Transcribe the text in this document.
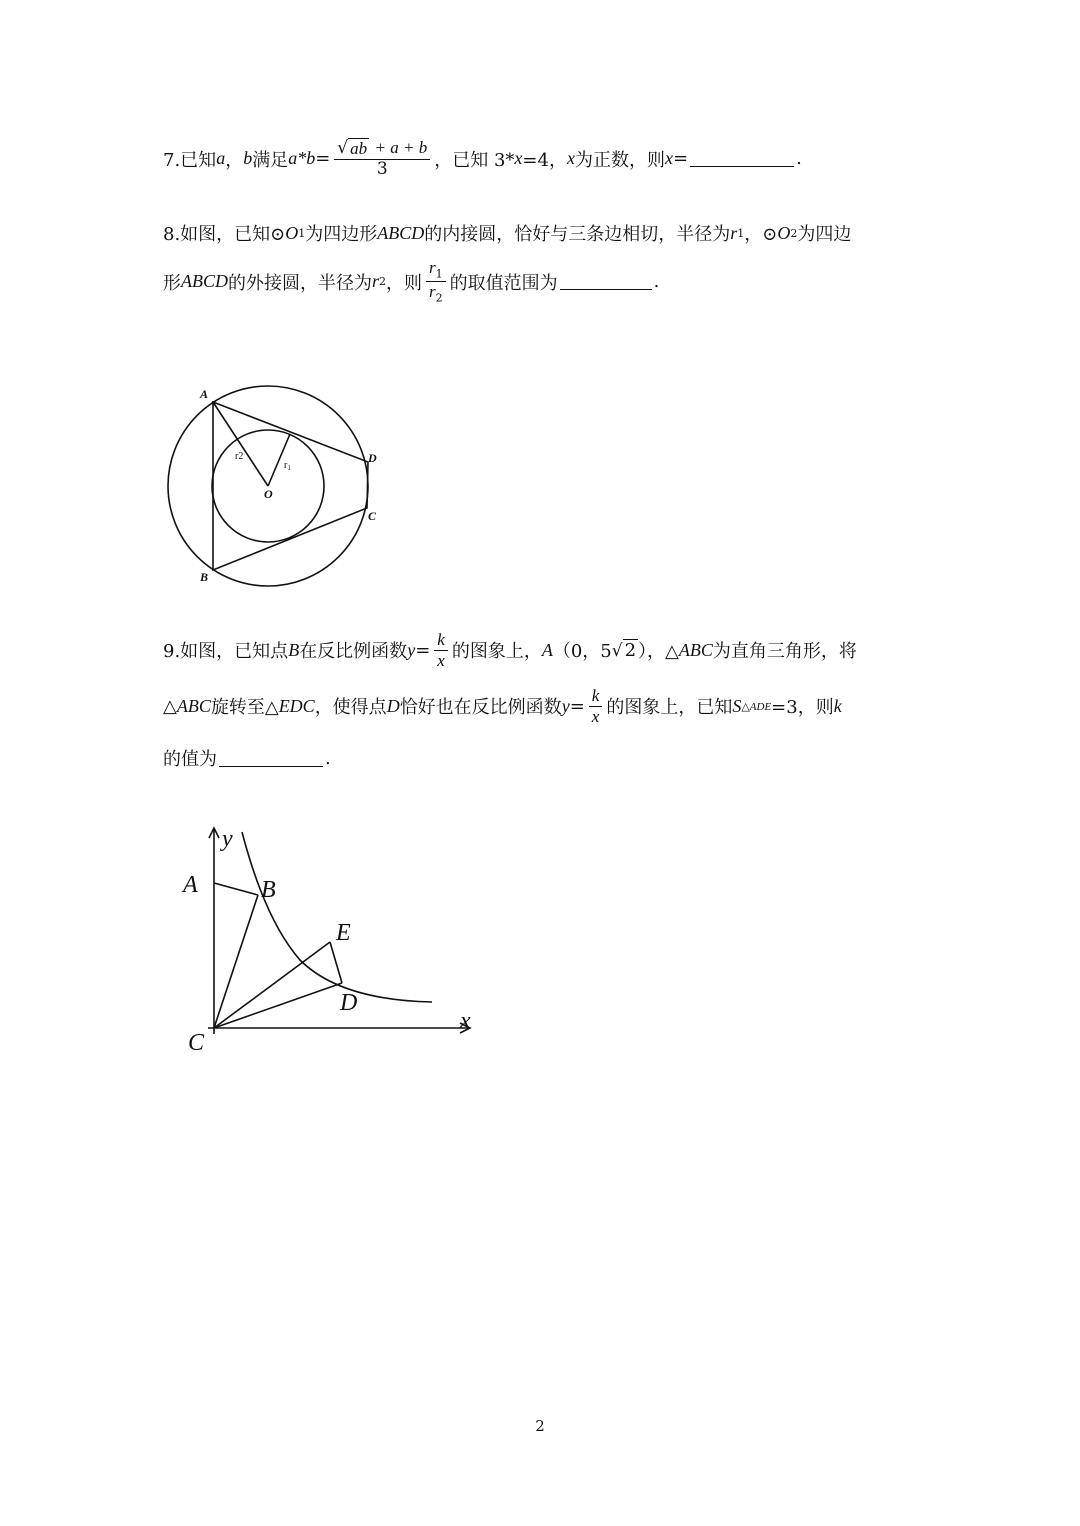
7.已知 a ， b 满足 $a*b = \frac{√ ab + a + b}{3}$ ，已知 3* x =4， x 为正数，则 x =	.
8.如图，已知⊙ O 1 为四边形 ABCD 的内接圆，恰好与三条边相切，半径为 r 1 ，⊙ O 2 为四边
形 ABCD 的外接圆，半径为 r 2 ，则 $\frac{r_1}{r_2}$ 的取值范围为	.
A
B
C
D
O
r2
$r_1$
9.如图，已知点 B 在反比例函数 $y = \frac{k}{x}$ 的图象上， A （0，5 √ 2 ），△ ABC 为直角三角形，将
△ ABC 旋转至△ EDC ，使得点 D 恰好也在反比例函数 $y = \frac{k}{x}$ 的图象上，已知 S △ADE =3，则 k
的值为	.
y
x
A	B
C
D
E
2
